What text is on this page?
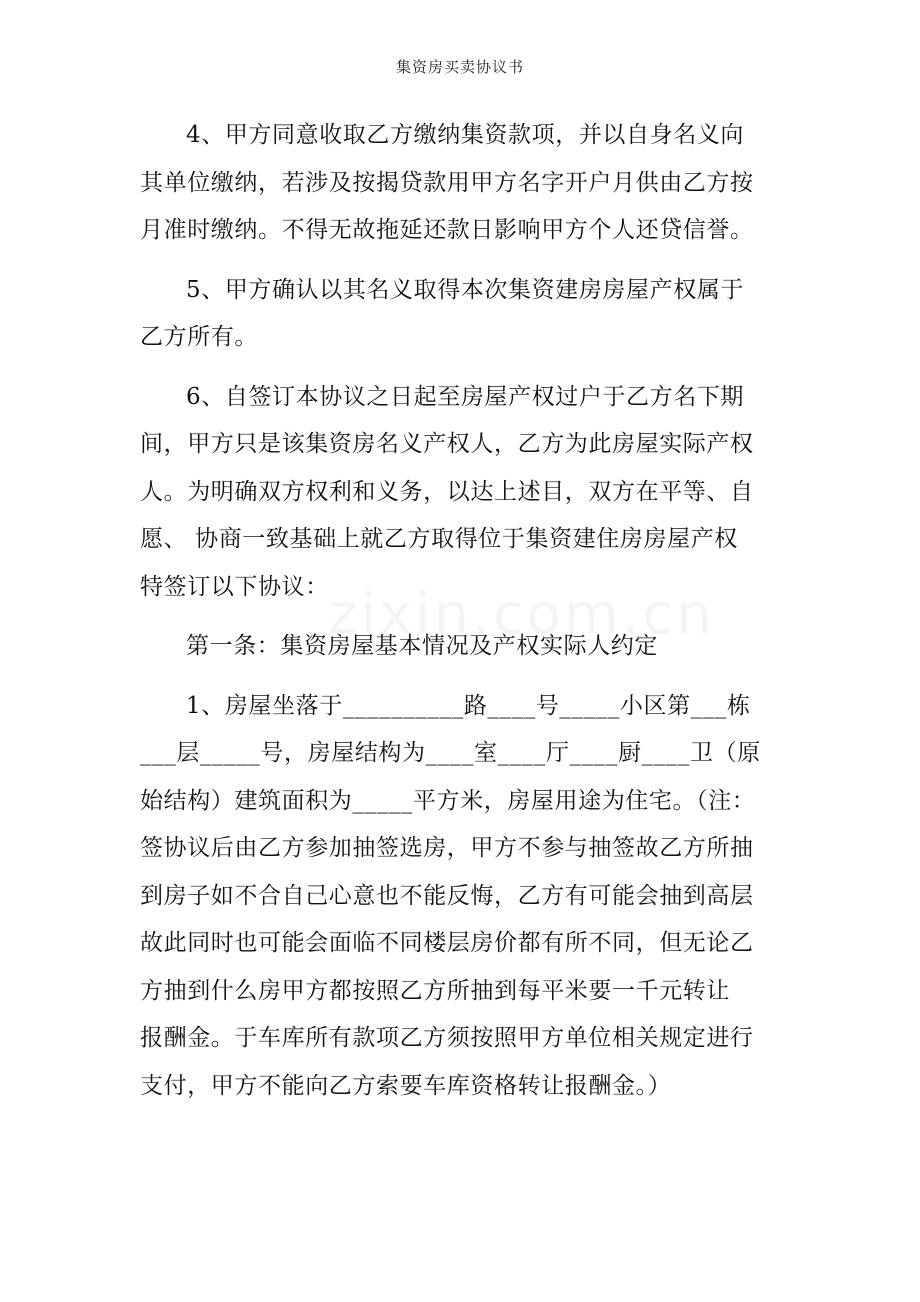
集资房买卖协议书

4、甲方同意收取乙方缴纳集资款项，并以自身名义向
其单位缴纳，若涉及按揭贷款用甲方名字开户月供由乙方按
月准时缴纳。不得无故拖延还款日影响甲方个人还贷信誉。

5、甲方确认以其名义取得本次集资建房房屋产权属于
乙方所有。

6、自签订本协议之日起至房屋产权过户于乙方名下期
间，甲方只是该集资房名义产权人，乙方为此房屋实际产权
人。为明确双方权利和义务，以达上述目，双方在平等、自
愿、 协商一致基础上就乙方取得位于集资建住房房屋产权
特签订以下协议：

第一条：集资房屋基本情况及产权实际人约定

1、房屋坐落于__________路____号_____小区第___栋
___层_____号，房屋结构为____室____厅____厨____卫（原
始结构）建筑面积为_____平方米，房屋用途为住宅。（注：
签协议后由乙方参加抽签选房，甲方不参与抽签故乙方所抽
到房子如不合自己心意也不能反悔，乙方有可能会抽到高层
故此同时也可能会面临不同楼层房价都有所不同，但无论乙
方抽到什么房甲方都按照乙方所抽到每平米要一千元转让
报酬金。于车库所有款项乙方须按照甲方单位相关规定进行
支付，甲方不能向乙方索要车库资格转让报酬金。）
